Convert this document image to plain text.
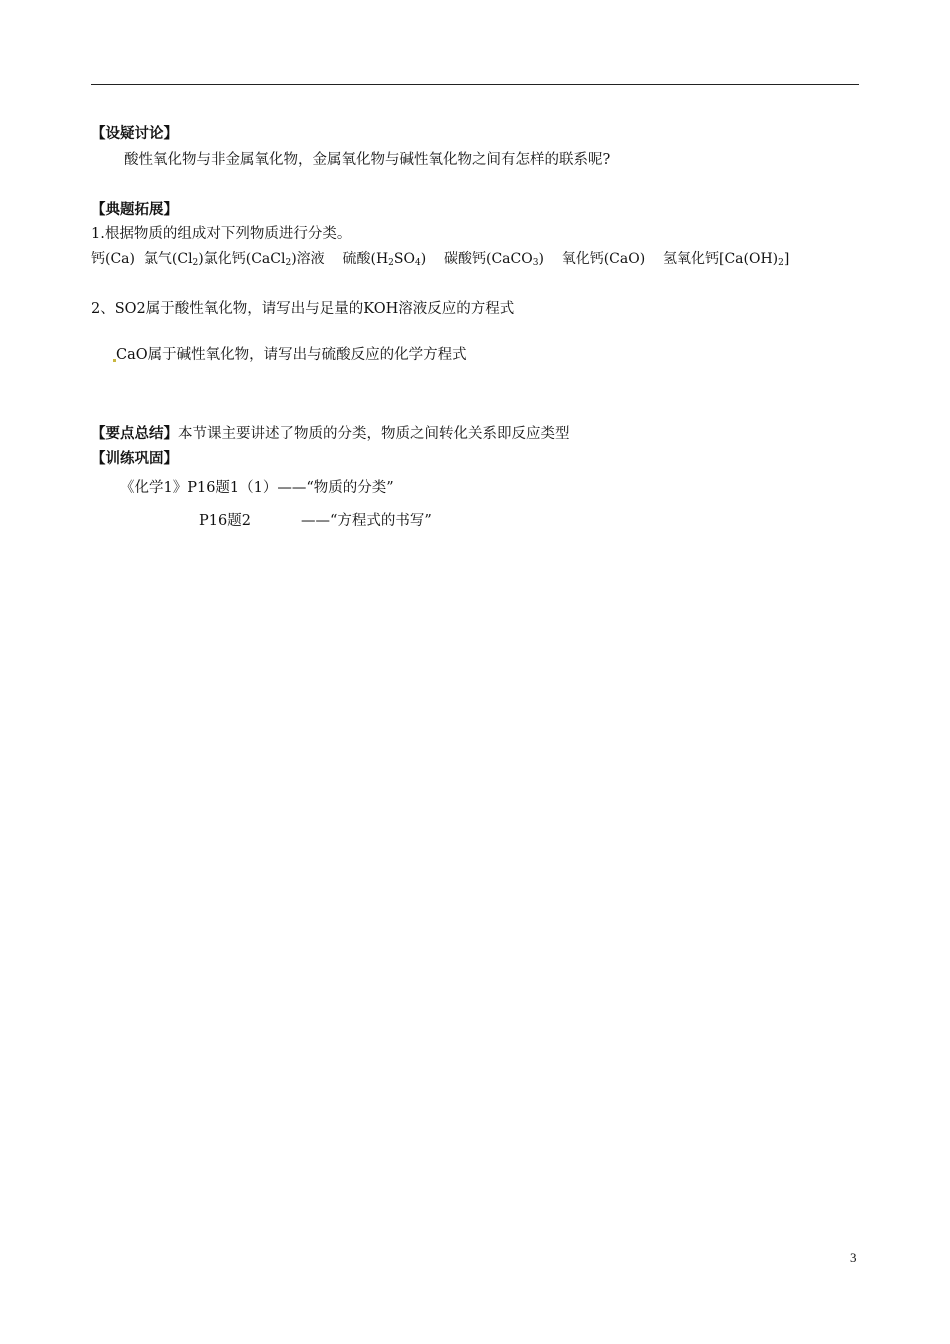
【设疑讨论】
酸性氧化物与非金属氧化物，金属氧化物与碱性氧化物之间有怎样的联系呢?
【典题拓展】
1.根据物质的组成对下列物质进行分类。
钙(Ca) 氯气$(Cl_2)$氯化钙(CaCl$_2$)溶液 硫酸$(H_2SO_4)$ 碳酸钙(CaCO$_3$) 氧化钙(CaO) 氢氧化钙$[Ca(OH)_2]$
2、SO2属于酸性氧化物，请写出与足量的KOH溶液反应的方程式
CaO属于碱性氧化物，请写出与硫酸反应的化学方程式
【要点总结】本节课主要讲述了物质的分类，物质之间转化关系即反应类型
【训练巩固】
《化学1》P16题1（1）——“物质的分类”
P16题2	——“方程式的书写”
3
